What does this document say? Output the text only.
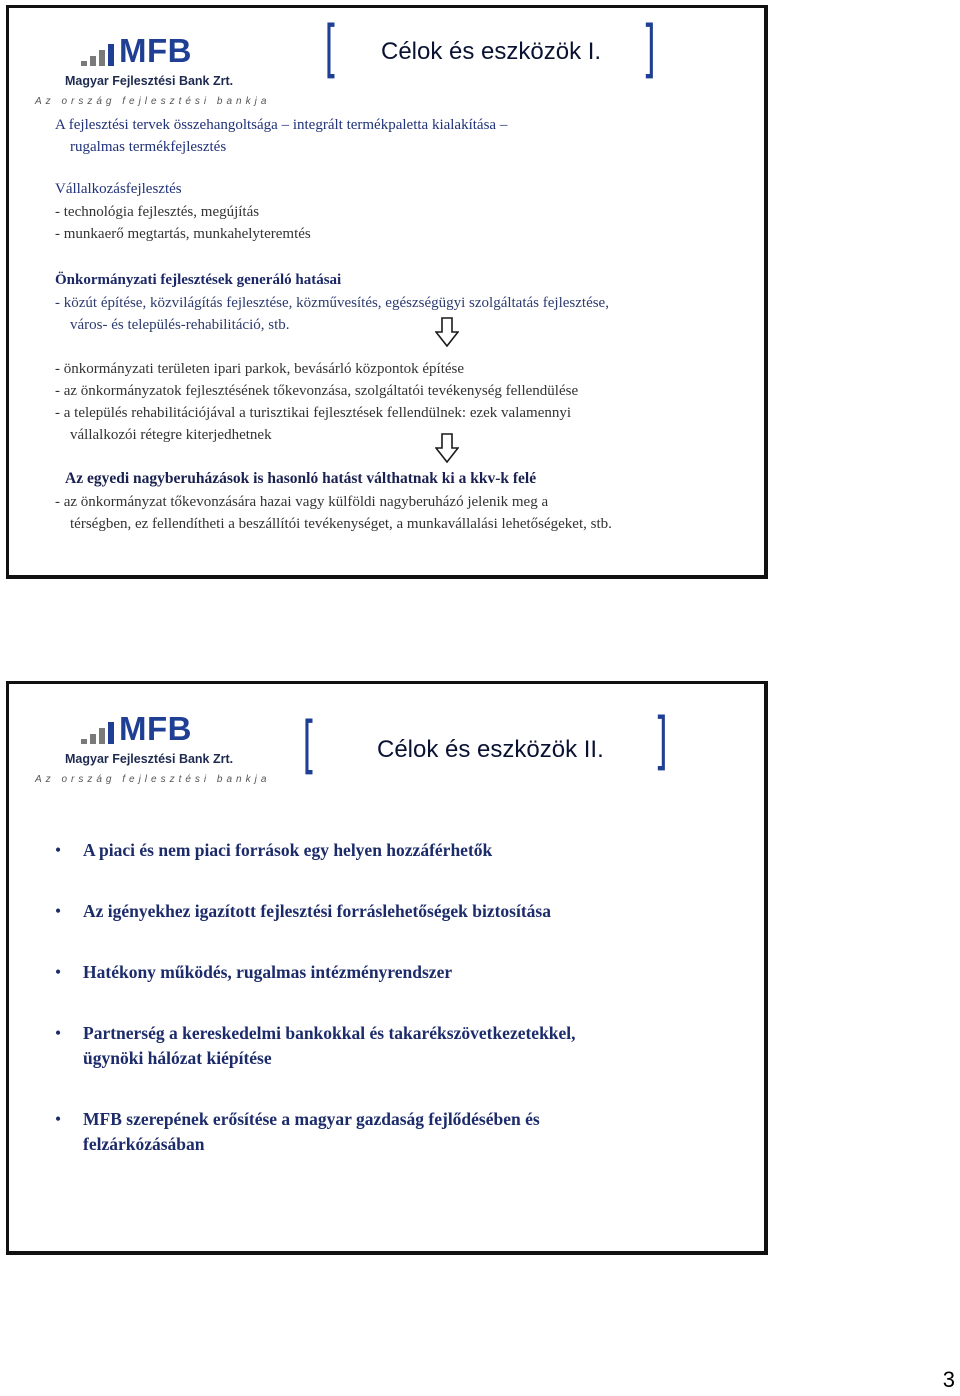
MFB
Magyar Fejlesztési Bank Zrt.
Az ország fejlesztési bankja
[ Célok és eszközök I. ]
A fejlesztési tervek összehangoltsága – integrált termékpaletta kialakítása –
rugalmas termékfejlesztés
Vállalkozásfejlesztés
- technológia fejlesztés, megújítás
- munkaerő megtartás, munkahelyteremtés
Önkormányzati fejlesztések generáló hatásai
- közút építése, közvilágítás fejlesztése, közművesítés, egészségügyi szolgáltatás fejlesztése,
város- és település-rehabilitáció, stb.
- önkormányzati területen ipari parkok, bevásárló központok építése
- az önkormányzatok fejlesztésének tőkevonzása, szolgáltatói tevékenység fellendülése
- a település rehabilitációjával a turisztikai fejlesztések fellendülnek: ezek valamennyi
vállalkozói rétegre kiterjedhetnek
Az egyedi nagyberuházások is hasonló hatást válthatnak ki a kkv-k felé
- az önkormányzat tőkevonzására hazai vagy külföldi nagyberuházó jelenik meg a
térségben, ez fellendítheti a beszállítói tevékenységet, a munkavállalási lehetőségeket, stb.
MFB
Magyar Fejlesztési Bank Zrt.
Az ország fejlesztési bankja [	Célok és eszközök II. ]
• A piaci és nem piaci források egy helyen hozzáférhetők
• Az igényekhez igazított fejlesztési forráslehetőségek biztosítása
• Hatékony működés, rugalmas intézményrendszer
• Partnerség a kereskedelmi bankokkal és takarékszövetkezetekkel,
ügynöki hálózat kiépítése
• MFB szerepének erősítése a magyar gazdaság fejlődésében és
felzárkózásában
3
